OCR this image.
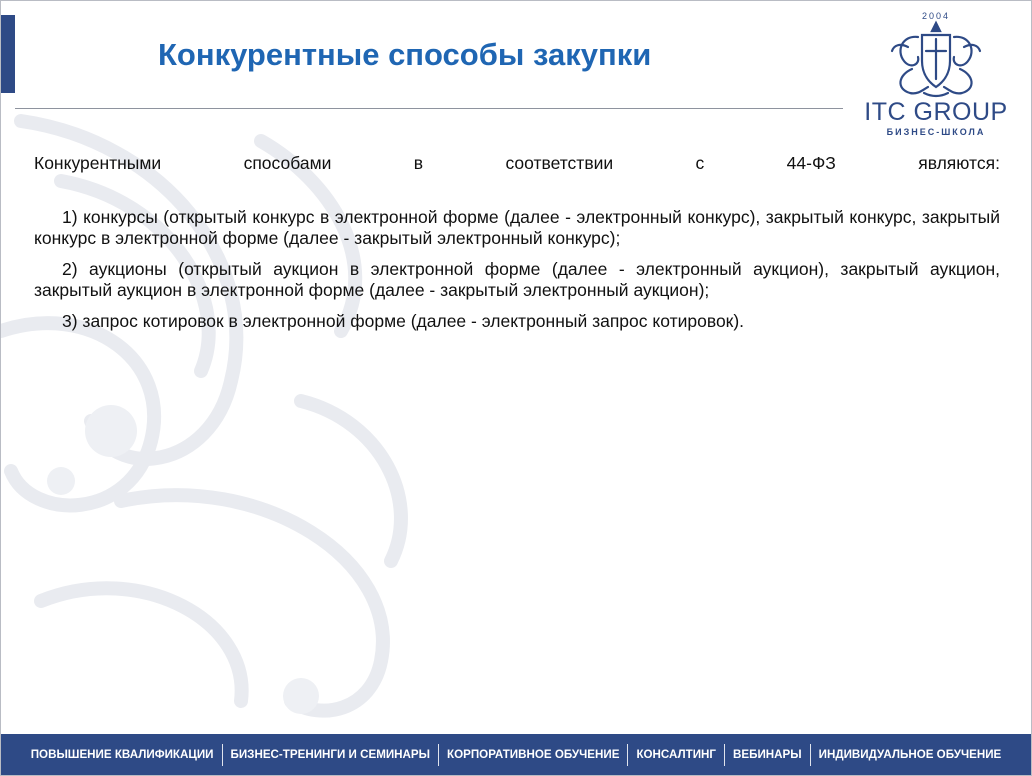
Конкурентные способы закупки
2004
ITC GROUP
БИЗНЕС-ШКОЛА
Конкурентными	способами	в	соответствии	с	44-ФЗ	являются:

1) конкурсы (открытый конкурс в электронной форме (далее - электронный конкурс), закрытый конкурс, закрытый конкурс в электронной форме (далее - закрытый электронный конкурс);

2) аукционы (открытый аукцион в электронной форме (далее - электронный аукцион), закрытый аукцион, закрытый аукцион в электронной форме (далее - закрытый электронный аукцион);

3) запрос котировок в электронной форме (далее - электронный запрос котировок).

ПОВЫШЕНИЕ КВАЛИФИКАЦИИ	БИЗНЕС-ТРЕНИНГИ И СЕМИНАРЫ	КОРПОРАТИВНОЕ ОБУЧЕНИЕ	КОНСАЛТИНГ	ВЕБИНАРЫ	ИНДИВИДУАЛЬНОЕ ОБУЧЕНИЕ
